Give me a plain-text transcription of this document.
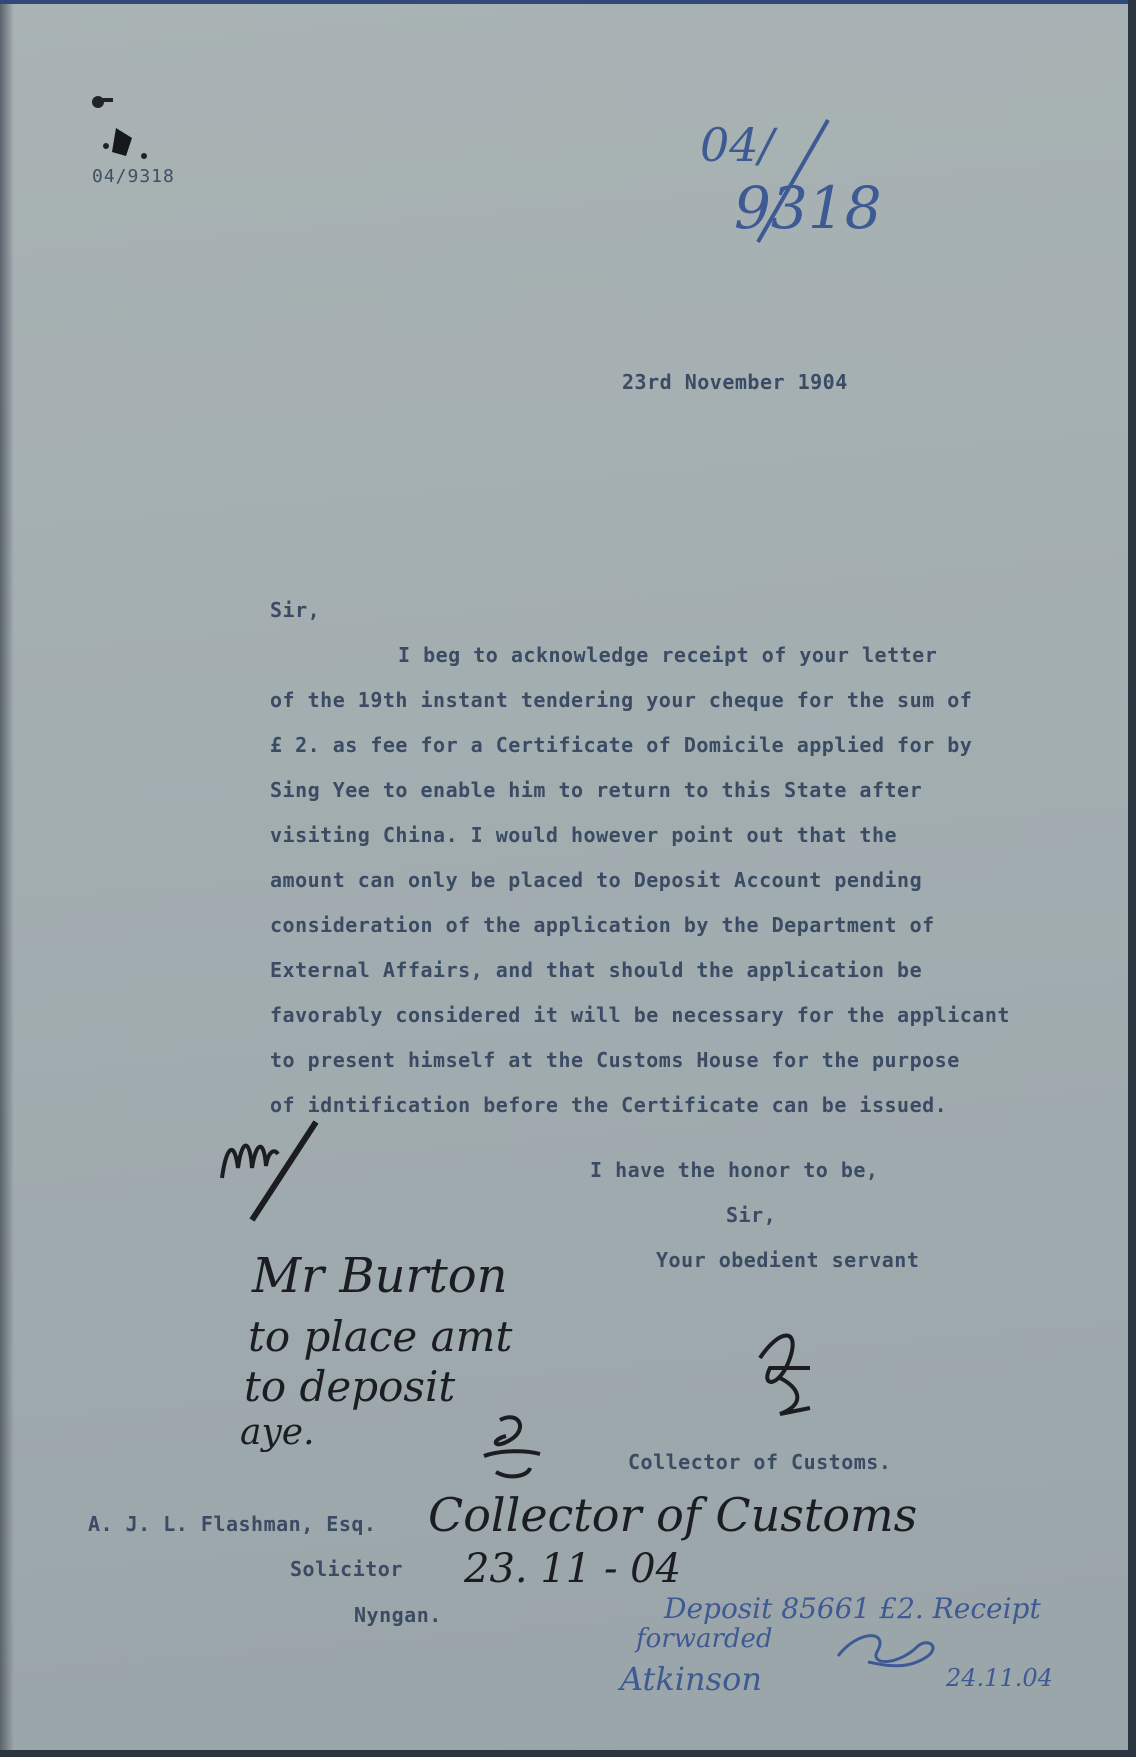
04/9318
04/
9318
23rd November 1904
Sir,
I beg to acknowledge receipt of your letter
of the 19th instant tendering your cheque for the sum of
£ 2. as fee for a Certificate of Domicile applied for by
Sing Yee to enable him to return to this State after
visiting China. I would however point out that the
amount can only be placed to Deposit Account pending
consideration of the application by the Department of
External Affairs, and that should the application be
favorably considered it will be necessary for the applicant
to present himself at the Customs House for the purpose
of idntification before the Certificate can be issued.
I have the honor to be,
Sir,
Your obedient servant
Mr Burton
to place amt
to deposit
aye.
Collector of Customs.
Collector of Customs
A. J. L. Flashman, Esq.
Solicitor 23. 11 - 04
Nyngan.	Deposit 85661 £2. Receipt
forwarded
Atkinson	24.11.04
